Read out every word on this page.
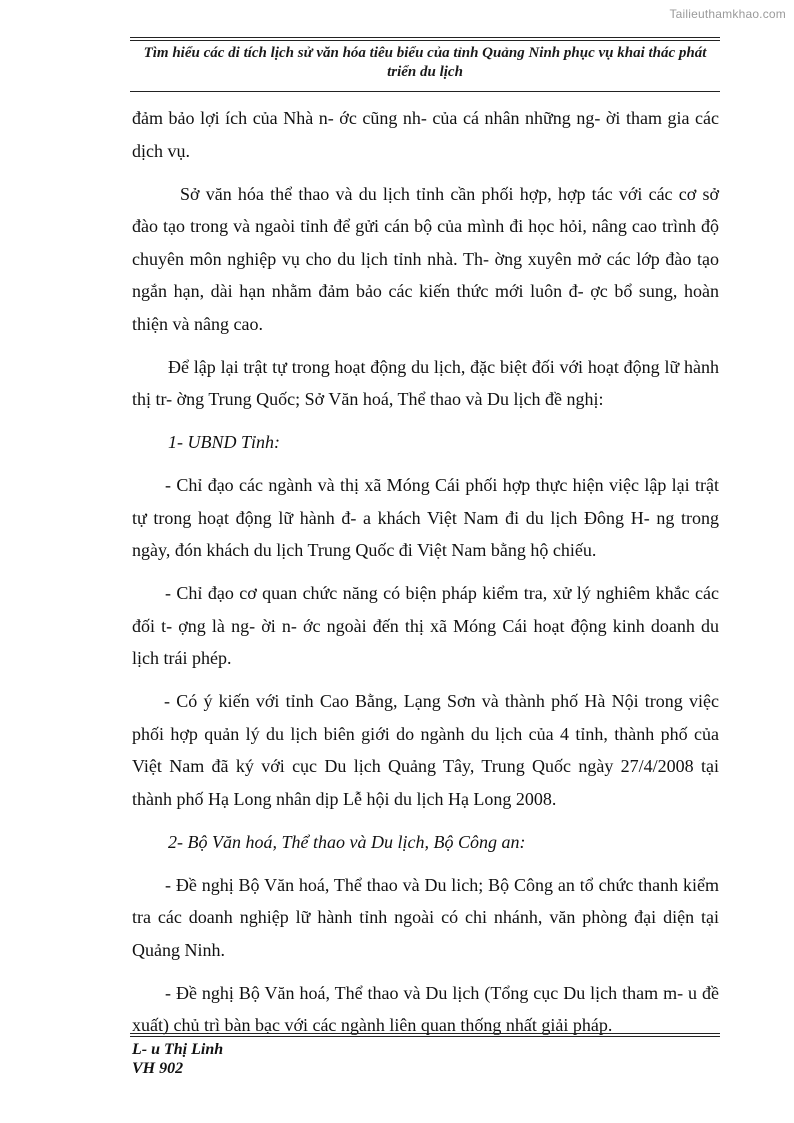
Tailieuthamkhao.com
Tìm hiểu các di tích lịch sử văn hóa tiêu biểu của tỉnh Quảng Ninh phục vụ khai thác phát triển du lịch

đảm bảo lợi ích của Nhà n- ớc cũng nh- của cá nhân những ng- ời tham gia các dịch vụ.

Sở văn hóa thể thao và du lịch tỉnh cần phối hợp, hợp tác với các cơ sở đào tạo trong và ngaòi tỉnh để gửi cán bộ của mình đi học hỏi, nâng cao trình độ chuyên môn nghiệp vụ cho du lịch tỉnh nhà. Th- ờng xuyên mở các lớp đào tạo ngắn hạn, dài hạn nhằm đảm bảo các kiến thức mới luôn đ- ợc bổ sung, hoàn thiện và nâng cao.

Để lập lại trật tự trong hoạt động du lịch, đặc biệt đối với hoạt động lữ hành thị tr- ờng Trung Quốc; Sở Văn hoá, Thể thao và Du lịch đề nghị:

1- UBND Tỉnh:

- Chỉ đạo các ngành và thị xã Móng Cái phối hợp thực hiện việc lập lại trật tự trong hoạt động lữ hành đ- a khách Việt Nam đi du lịch Đông H- ng trong ngày, đón khách du lịch Trung Quốc đi Việt Nam bằng hộ chiếu.

- Chỉ đạo cơ quan chức năng có biện pháp kiểm tra, xử lý nghiêm khắc các đối t- ợng là ng- ời n- ớc ngoài đến thị xã Móng Cái hoạt động kinh doanh du lịch trái phép.

- Có ý kiến với tỉnh Cao Bằng, Lạng Sơn và thành phố Hà Nội trong việc phối hợp quản lý du lịch biên giới do ngành du lịch của 4 tỉnh, thành phố của Việt Nam đã ký với cục Du lịch Quảng Tây, Trung Quốc ngày 27/4/2008 tại thành phố Hạ Long nhân dịp Lễ hội du lịch Hạ Long 2008.

2- Bộ Văn hoá, Thể thao và Du lịch, Bộ Công an:

- Đề nghị Bộ Văn hoá, Thể thao và Du lich; Bộ Công an tổ chức thanh kiểm tra các doanh nghiệp lữ hành tỉnh ngoài có chi nhánh, văn phòng đại diện tại Quảng Ninh.

- Đề nghị Bộ Văn hoá, Thể thao và Du lịch (Tổng cục Du lịch tham m- u đề xuất) chủ trì bàn bạc với các ngành liên quan thống nhất giải pháp.

L- u Thị Linh
VH 902
